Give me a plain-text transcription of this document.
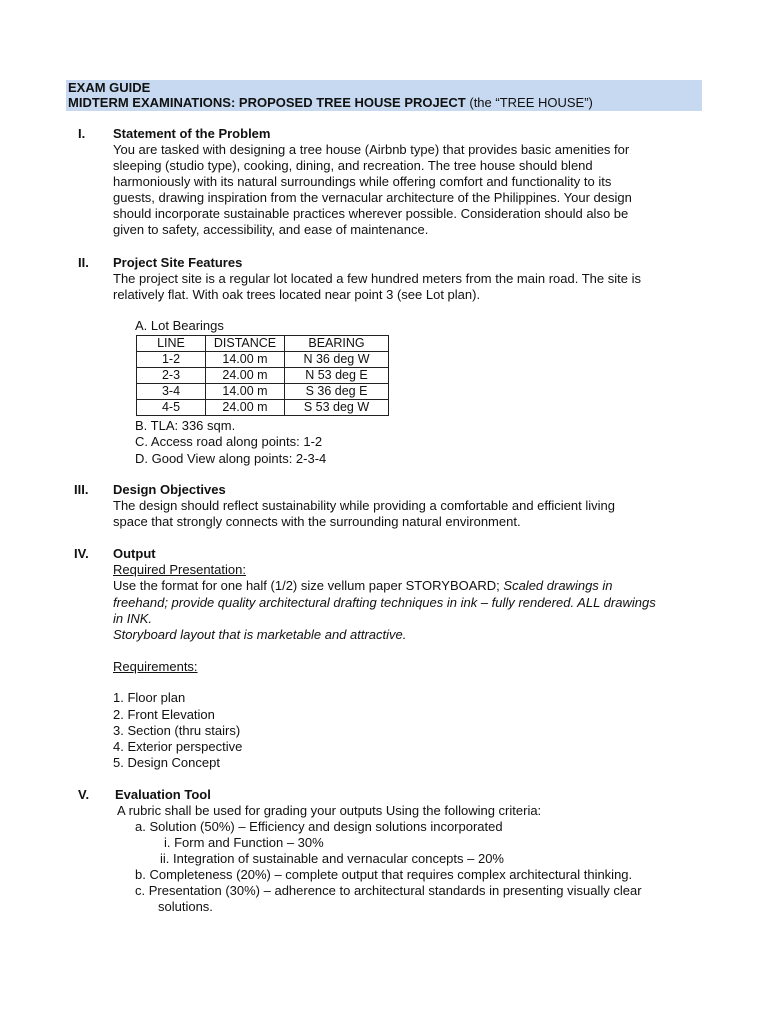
EXAM GUIDE
MIDTERM EXAMINATIONS: PROPOSED TREE HOUSE PROJECT (the “TREE HOUSE”)
I. Statement of the Problem
You are tasked with designing a tree house (Airbnb type) that provides basic amenities for
sleeping (studio type), cooking, dining, and recreation. The tree house should blend
harmoniously with its natural surroundings while offering comfort and functionality to its
guests, drawing inspiration from the vernacular architecture of the Philippines. Your design
should incorporate sustainable practices wherever possible. Consideration should also be
given to safety, accessibility, and ease of maintenance.
II. Project Site Features
The project site is a regular lot located a few hundred meters from the main road. The site is
relatively flat. With oak trees located near point 3 (see Lot plan).
A. Lot Bearings
LINE	DISTANCE	BEARING
1-2	14.00 m	N 36 deg W
2-3	24.00 m	N 53 deg E
3-4	14.00 m	S 36 deg E
4-5	24.00 m	S 53 deg W
B. TLA: 336 sqm.
C. Access road along points: 1-2
D. Good View along points: 2-3-4
III. Design Objectives
The design should reflect sustainability while providing a comfortable and efficient living
space that strongly connects with the surrounding natural environment.
IV. Output
Required Presentation:
Use the format for one half (1/2) size vellum paper STORYBOARD; Scaled drawings in
freehand; provide quality architectural drafting techniques in ink – fully rendered. ALL drawings
in INK.
Storyboard layout that is marketable and attractive.
Requirements:
1. Floor plan
2. Front Elevation
3. Section (thru stairs)
4. Exterior perspective
5. Design Concept
V. Evaluation Tool
A rubric shall be used for grading your outputs Using the following criteria:
a. Solution (50%) – Efficiency and design solutions incorporated
i. Form and Function – 30%
ii. Integration of sustainable and vernacular concepts – 20%
b. Completeness (20%) – complete output that requires complex architectural thinking.
c. Presentation (30%) – adherence to architectural standards in presenting visually clear
solutions.
